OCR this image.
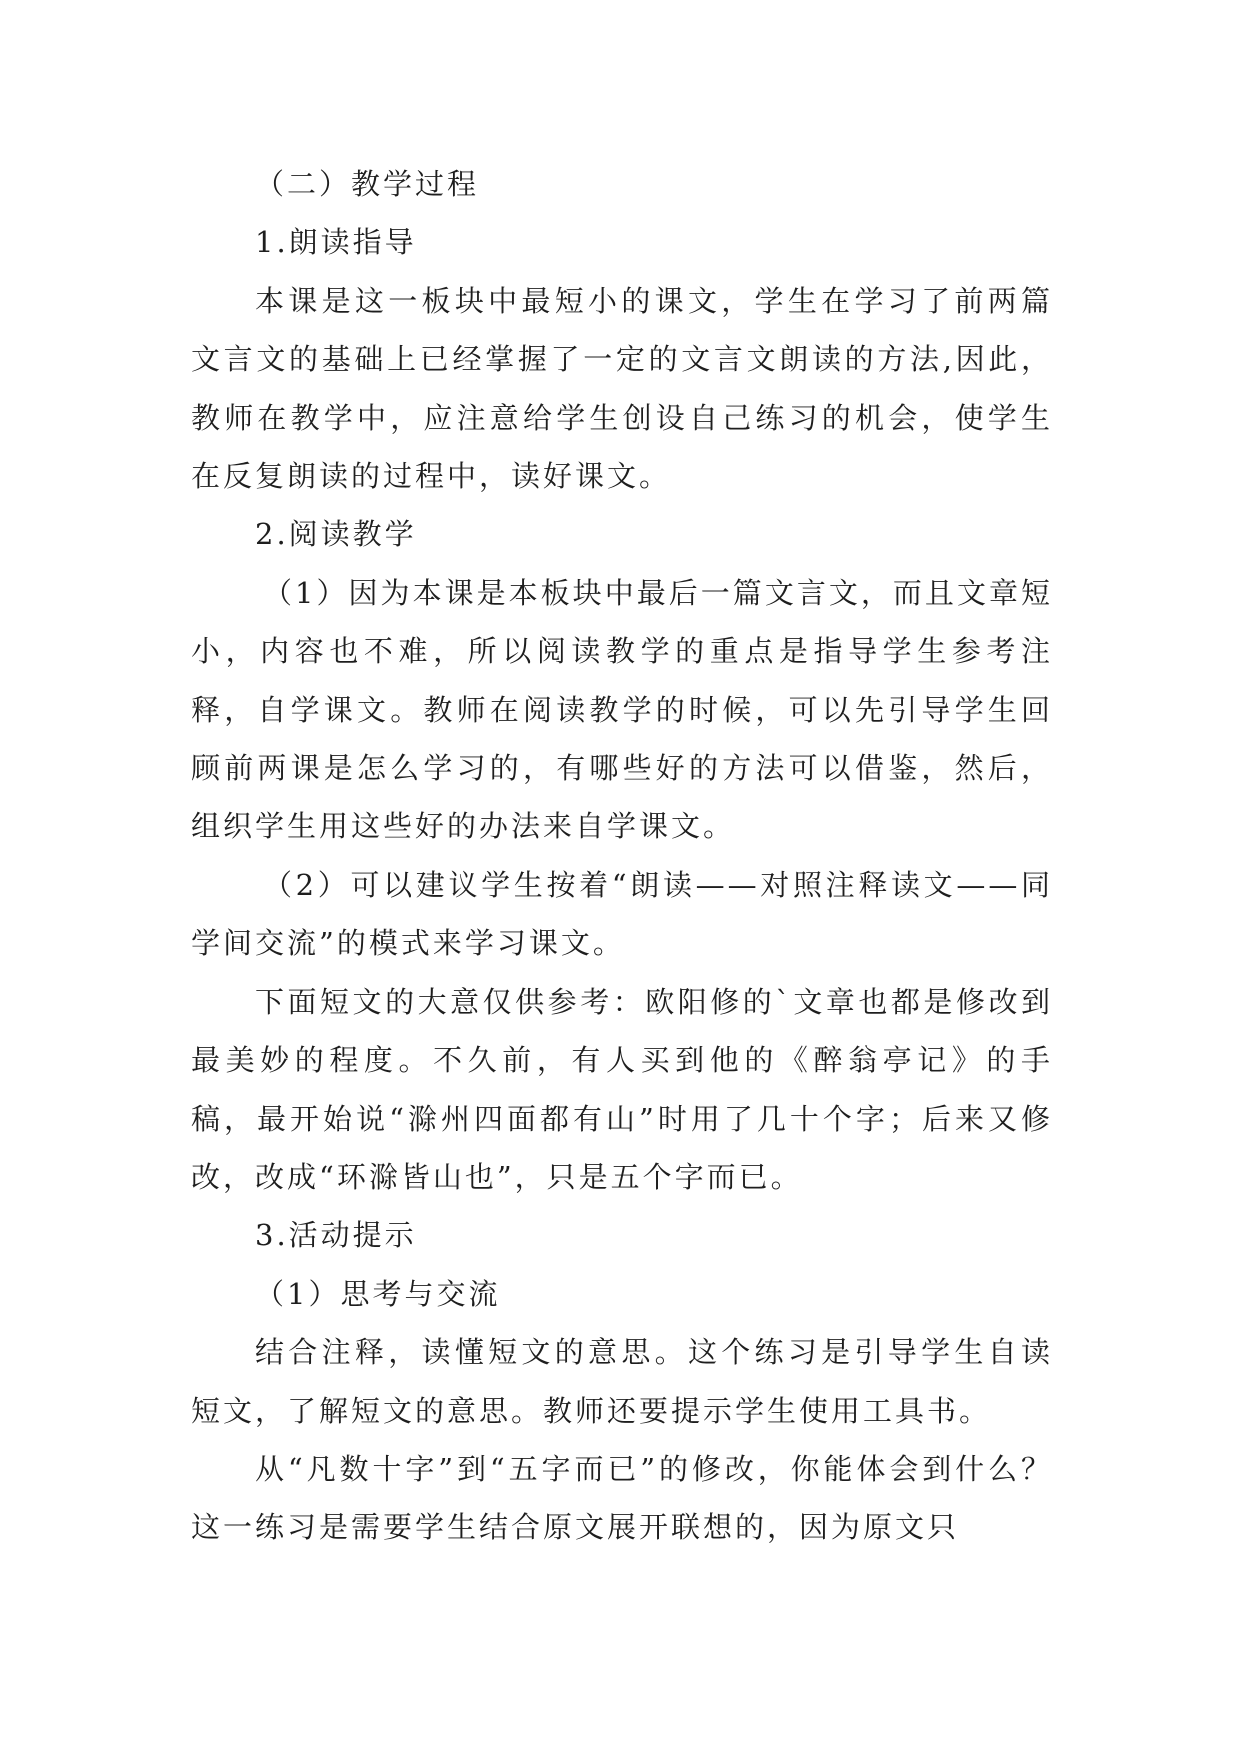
（二）教学过程

1.朗读指导

本课是这一板块中最短小的课文，学生在学习了前两篇文言文的基础上已经掌握了一定的文言文朗读的方法,因此，教师在教学中，应注意给学生创设自己练习的机会，使学生在反复朗读的过程中，读好课文。

2.阅读教学

（1）因为本课是本板块中最后一篇文言文，而且文章短小，内容也不难，所以阅读教学的重点是指导学生参考注释，自学课文。教师在阅读教学的时候，可以先引导学生回顾前两课是怎么学习的，有哪些好的方法可以借鉴，然后，组织学生用这些好的办法来自学课文。

（2）可以建议学生按着“朗读——对照注释读文——同学间交流”的模式来学习课文。

下面短文的大意仅供参考：欧阳修的`文章也都是修改到最美妙的程度。不久前，有人买到他的《醉翁亭记》的手稿，最开始说“滁州四面都有山”时用了几十个字；后来又修改，改成“环滁皆山也”，只是五个字而已。

3.活动提示

（1）思考与交流

结合注释，读懂短文的意思。这个练习是引导学生自读短文，了解短文的意思。教师还要提示学生使用工具书。

从“凡数十字”到“五字而已”的修改，你能体会到什么？这一练习是需要学生结合原文展开联想的，因为原文只
